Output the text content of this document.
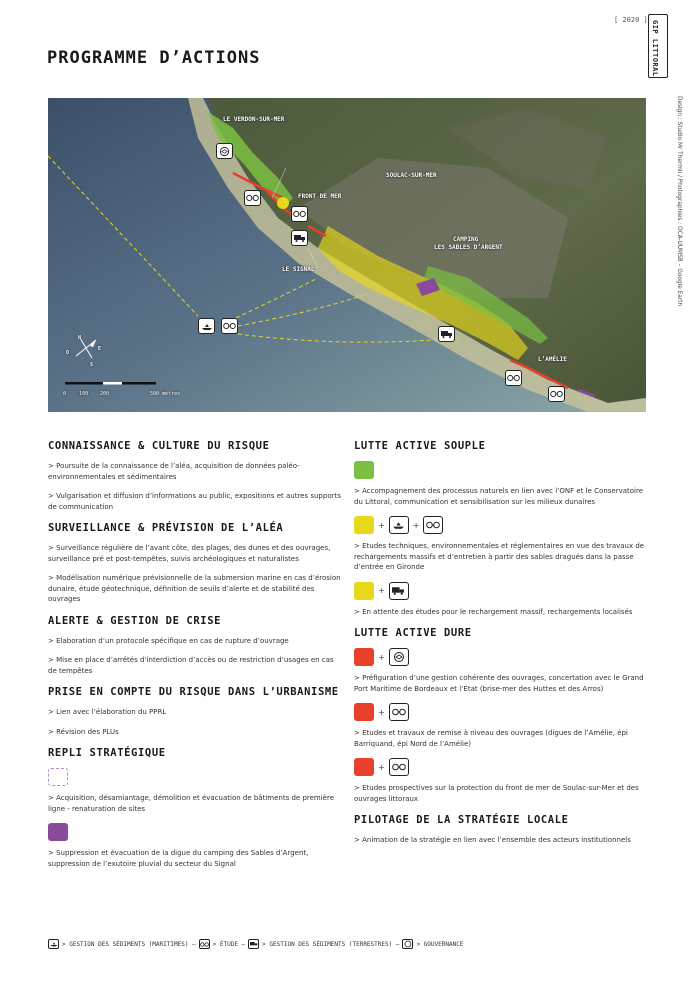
[ 2020 ] GIP LITTORAL
Design : Studio Mr Thermil / Photographies : OCA-UUMSB – Google Earth
PROGRAMME D’ACTIONS
LE VERDON-SUR-MER
SOULAC-SUR-MER
FRONT DE MER
CAMPING
LES SABLES D’ARGENT
LE SIGNAL
L’AMÉLIE
N
S
E
O
0	100 200	500 mètres
CONNAISSANCE & CULTURE DU RISQUE

> Poursuite de la connaissance de l’aléa, acquisition de données paléo-environnementales et sédimentaires

> Vulgarisation et diffusion d’informations au public, expositions et autres supports de communication

SURVEILLANCE & PRÉVISION DE L’ALÉA

> Surveillance régulière de l’avant côte, des plages, des dunes et des ouvrages, surveillance pré et post-tempêtes, suivis archéologiques et naturalistes

> Modélisation numérique prévisionnelle de la submersion marine en cas d’érosion dunaire, étude géotechnique, définition de seuils d’alerte et de stabilité des ouvrages

ALERTE & GESTION DE CRISE

> Elaboration d’un protocole spécifique en cas de rupture d’ouvrage

> Mise en place d’arrêtés d’interdiction d’accès ou de restriction d’usages en cas de tempêtes

PRISE EN COMPTE DU RISQUE DANS L’URBANISME

> Lien avec l’élaboration du PPRL

> Révision des PLUs

REPLI STRATÉGIQUE

> Acquisition, désamiantage, démolition et évacuation de bâtiments de première ligne - renaturation de sites

> Suppression et évacuation de la digue du camping des Sables d’Argent, suppression de l’exutoire pluvial du secteur du Signal

LUTTE ACTIVE SOUPLE

> Accompagnement des processus naturels en lien avec l’ONF et le Conservatoire du Littoral, communication et sensibilisation sur les milieux dunaires

+	+

> Etudes techniques, environnementales et réglementaires en vue des travaux de rechargements massifs et d’entretien à partir des sables dragués dans la passe d’entrée en Gironde

+

> En attente des études pour le rechargement massif, rechargements localisés

LUTTE ACTIVE DURE
+

> Préfiguration d’une gestion cohérente des ouvrages, concertation avec le Grand Port Maritime de Bordeaux et l’Etat (brise-mer des Huttes et des Arros)

+

> Etudes et travaux de remise à niveau des ouvrages (digues de l’Amélie, épi Barriquand, épi Nord de l’Amélie)

+

> Etudes prospectives sur la protection du front de mer de Soulac-sur-Mer et des ouvrages littoraux

PILOTAGE DE LA STRATÉGIE LOCALE

> Animation de la stratégie en lien avec l’ensemble des acteurs institutionnels

> GESTION DES SÉDIMENTS (MARITIMES) –	> ÉTUDE –	> GESTION DES SÉDIMENTS (TERRESTRES) –	> GOUVERNANCE
